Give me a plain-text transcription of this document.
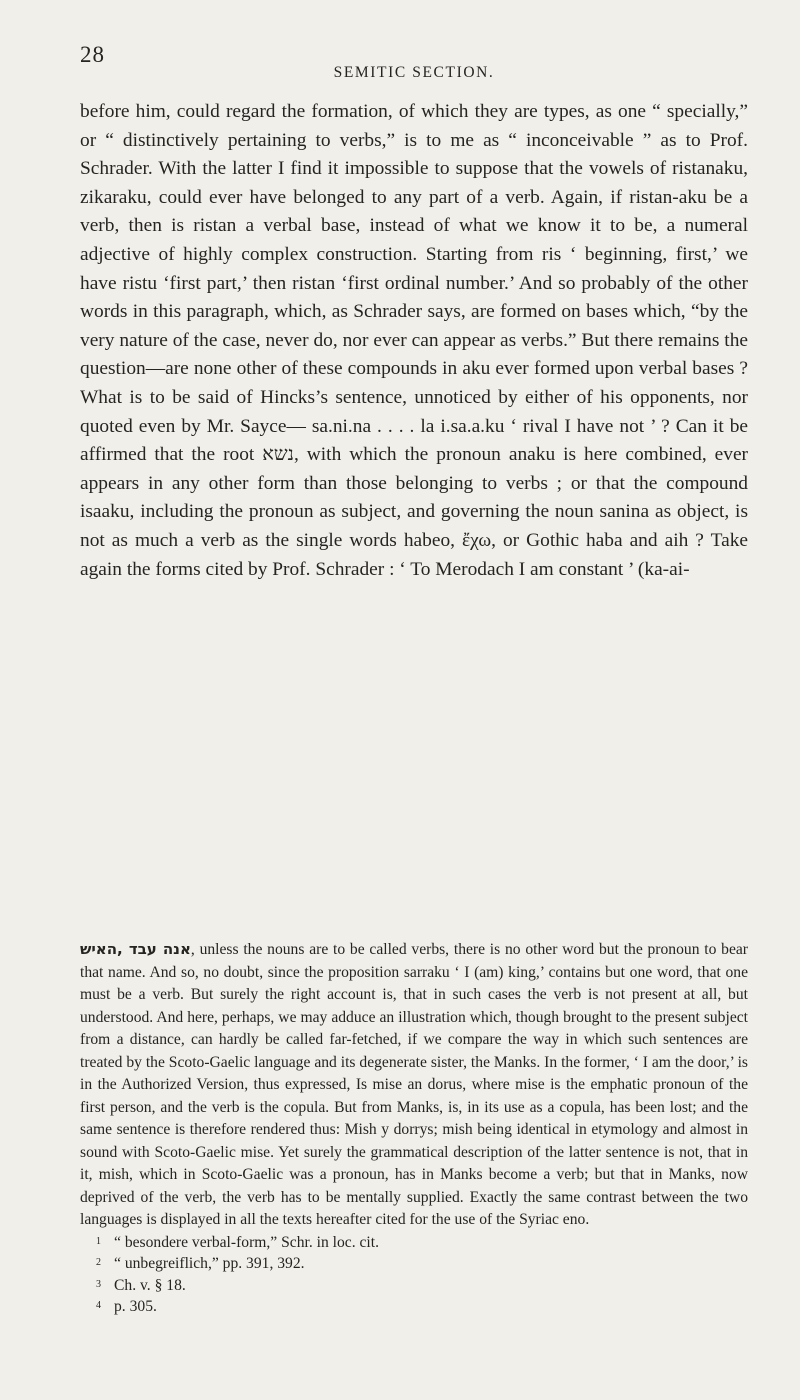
28
SEMITIC SECTION.

before him, could regard the formation, of which they are types, as one “ specially,” or “ distinctively pertaining to verbs,” is to me as “ inconceivable ” as to Prof. Schrader. With the latter I find it impossible to suppose that the vowels of ristanaku, zikaraku, could ever have belonged to any part of a verb. Again, if ristan-aku be a verb, then is ristan a verbal base, instead of what we know it to be, a numeral adjective of highly complex construction. Starting from ris ‘ beginning, first,’ we have ristu ‘first part,’ then ristan ‘first ordinal number.’ And so probably of the other words in this paragraph, which, as Schrader says, are formed on bases which, “by the very nature of the case, never do, nor ever can appear as verbs.” But there remains the question—are none other of these compounds in aku ever formed upon verbal bases ? What is to be said of Hincks’s sentence, unnoticed by either of his opponents, nor quoted even by Mr. Sayce— sa.ni.na . . . . la i.sa.a.ku ‘ rival I have not ’ ? Can it be affirmed that the root נשא, with which the pronoun anaku is here combined, ever appears in any other form than those belonging to verbs ; or that the compound isaaku, including the pronoun as subject, and governing the noun sanina as object, is not as much a verb as the single words habeo, ἔχω, or Gothic haba and aih ? Take again the forms cited by Prof. Schrader : ‘ To Merodach I am constant ’ (ka-ai-

אנה עבד ,האיש, unless the nouns are to be called verbs, there is no other word but the pronoun to bear that name. And so, no doubt, since the proposition sarraku ‘ I (am) king,’ contains but one word, that one must be a verb. But surely the right account is, that in such cases the verb is not present at all, but understood. And here, perhaps, we may adduce an illustration which, though brought to the present subject from a distance, can hardly be called far-fetched, if we compare the way in which such sentences are treated by the Scoto-Gaelic language and its degenerate sister, the Manks. In the former, ‘ I am the door,’ is in the Authorized Version, thus expressed, Is mise an dorus, where mise is the emphatic pronoun of the first person, and the verb is the copula. But from Manks, is, in its use as a copula, has been lost; and the same sentence is therefore rendered thus: Mish y dorrys; mish being identical in etymology and almost in sound with Scoto-Gaelic mise. Yet surely the grammatical description of the latter sentence is not, that in it, mish, which in Scoto-Gaelic was a pronoun, has in Manks become a verb; but that in Manks, now deprived of the verb, the verb has to be mentally supplied. Exactly the same contrast between the two languages is displayed in all the texts hereafter cited for the use of the Syriac eno.

1 “ besondere verbal-form,” Schr. in loc. cit.
2 “ unbegreiflich,” pp. 391, 392.
3 Ch. v. § 18.
4 p. 305.
